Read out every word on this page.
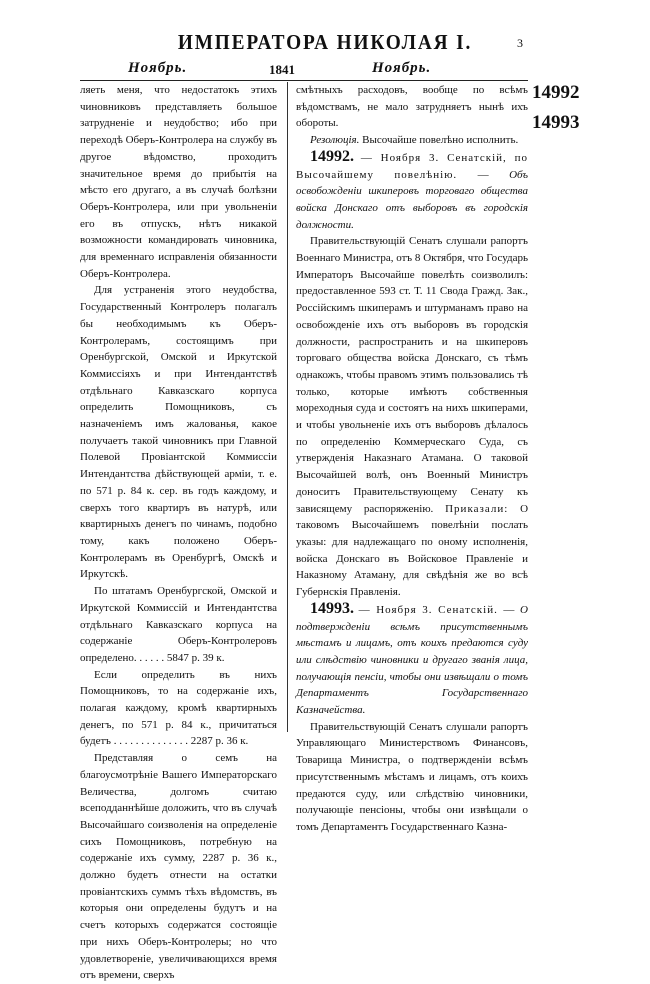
ИМПЕРАТОРА НИКОЛАЯ I.	3
Ноябрь.	1841	Ноябрь.

ляеть меня, что недостатокъ этихъ чиновниковъ представляеть большое затрудненіе и неудобство; ибо при переходѣ Оберъ-Контролера на службу въ другое вѣдомство, проходитъ значительное время до прибытія на мѣсто его другаго, а въ случаѣ болѣзни Оберъ-Контролера, или при увольненіи его въ отпускъ, нѣтъ никакой возможности командировать чиновника, для временнаго исправленія обязанности Оберъ-Контролера.

Для устраненія этого неудобства, Государственный Контролеръ полагалъ бы необходимымъ къ Оберъ-Контролерамъ, состоящимъ при Оренбургской, Омской и Иркутской Коммиссіяхъ и при Интендантствѣ отдѣльнаго Кавказскаго корпуса определить Помощниковъ, съ назначеніемъ имъ жалованья, какое получаетъ такой чиновникъ при Главной Полевой Провіантской Коммиссіи Интендантства дѣйствующей арміи, т. е. по 571 р. 84 к. сер. въ годъ каждому, и сверхъ того квартиръ въ натурѣ, или квартирныхъ денегъ по чинамъ, подобно тому, какъ положено Оберъ-Контролерамъ въ Оренбургѣ, Омскѣ и Иркутскѣ.

По штатамъ Оренбургской, Омской и Иркутской Коммиссій и Интендантства отдѣльнаго Кавказскаго корпуса на содержаніе Оберъ-Контролеровъ определено. . . . . . 5847 р. 39 к.

Если определить въ нихъ Помощниковъ, то на содержаніе ихъ, полагая каждому, кромѣ квартирныхъ денегъ, по 571 р. 84 к., причитаться будетъ . . . . . . . . . . . . . . 2287 р. 36 к.

Представляя о семъ на благоусмотрѣніе Вашего Императорскаго Величества, долгомъ считаю всеподданнѣйше доложить, что въ случаѣ Высочайшаго соизволенія на определеніе сихъ Помощниковъ, потребную на содержаніе ихъ сумму, 2287 р. 36 к., должно будетъ отнести на остатки провіантскихъ суммъ тѣхъ вѣдомствъ, въ которыя они определены будутъ и на счетъ которыхъ содержатся состоящіе при нихъ Оберъ-Контролеры; но что удовлетвореніе, увеличивающихся время отъ времени, сверхъ

смѣтныхъ расходовъ, вообще по всѣмъ вѣдомствамъ, не мало затрудняетъ нынѣ ихъ обороты.

Резолюція. Высочайше повелѣно исполнить.

14992. — Ноября 3. Сенатскій, по Высочайшему повелѣнію. — Объ освобожденіи шкиперовъ торговаго общества войска Донскаго отъ выборовъ въ городскія должности.

Правительствующій Сенатъ слушали рапортъ Военнаго Министра, отъ 8 Октября, что Государь Императоръ Высочайше повелѣть соизволилъ: предоставленное 593 ст. Т. 11 Свода Гражд. Зак., Россійскимъ шкиперамъ и штурманамъ право на освобожденіе ихъ отъ выборовъ въ городскія должности, распространить и на шкиперовъ торговаго общества войска Донскаго, съ тѣмъ однакожъ, чтобы правомъ этимъ пользовались тѣ только, которые имѣютъ собственныя мореходныя суда и состоятъ на нихъ шкиперами, и чтобы увольненіе ихъ отъ выборовъ дѣлалось по определенію Коммерческаго Суда, съ утвержденія Наказнаго Атамана. О таковой Высочайшей волѣ, онъ Военный Министръ доноситъ Правительствующему Сенату къ зависящему распоряженію. Приказали: О таковомъ Высочайшемъ повелѣніи послать указы: для надлежащаго по оному исполненія, войска Донскаго въ Войсковое Правленіе и Наказному Атаману, для свѣдѣнія же во всѣ Губернскія Правленія.

14993. — Ноября 3. Сенатскій. — О подтвержденіи всѣмъ присутственнымъ мѣстамъ и лицамъ, отъ коихъ предаются суду или слѣдствію чиновники и другаго званія лица, получающія пенсіи, чтобы они извѣщали о томъ Департаментъ Государственнаго Казначейства.

Правительствующій Сенатъ слушали рапортъ Управляющаго Министерствомъ Финансовъ, Товарища Министра, о подтвержденіи всѣмъ присутственнымъ мѣстамъ и лицамъ, отъ коихъ предаются суду, или слѣдствію чиновники, получающіе пенсіоны, чтобы они извѣщали о томъ Департаментъ Государственнаго Казна-

14992
14993
